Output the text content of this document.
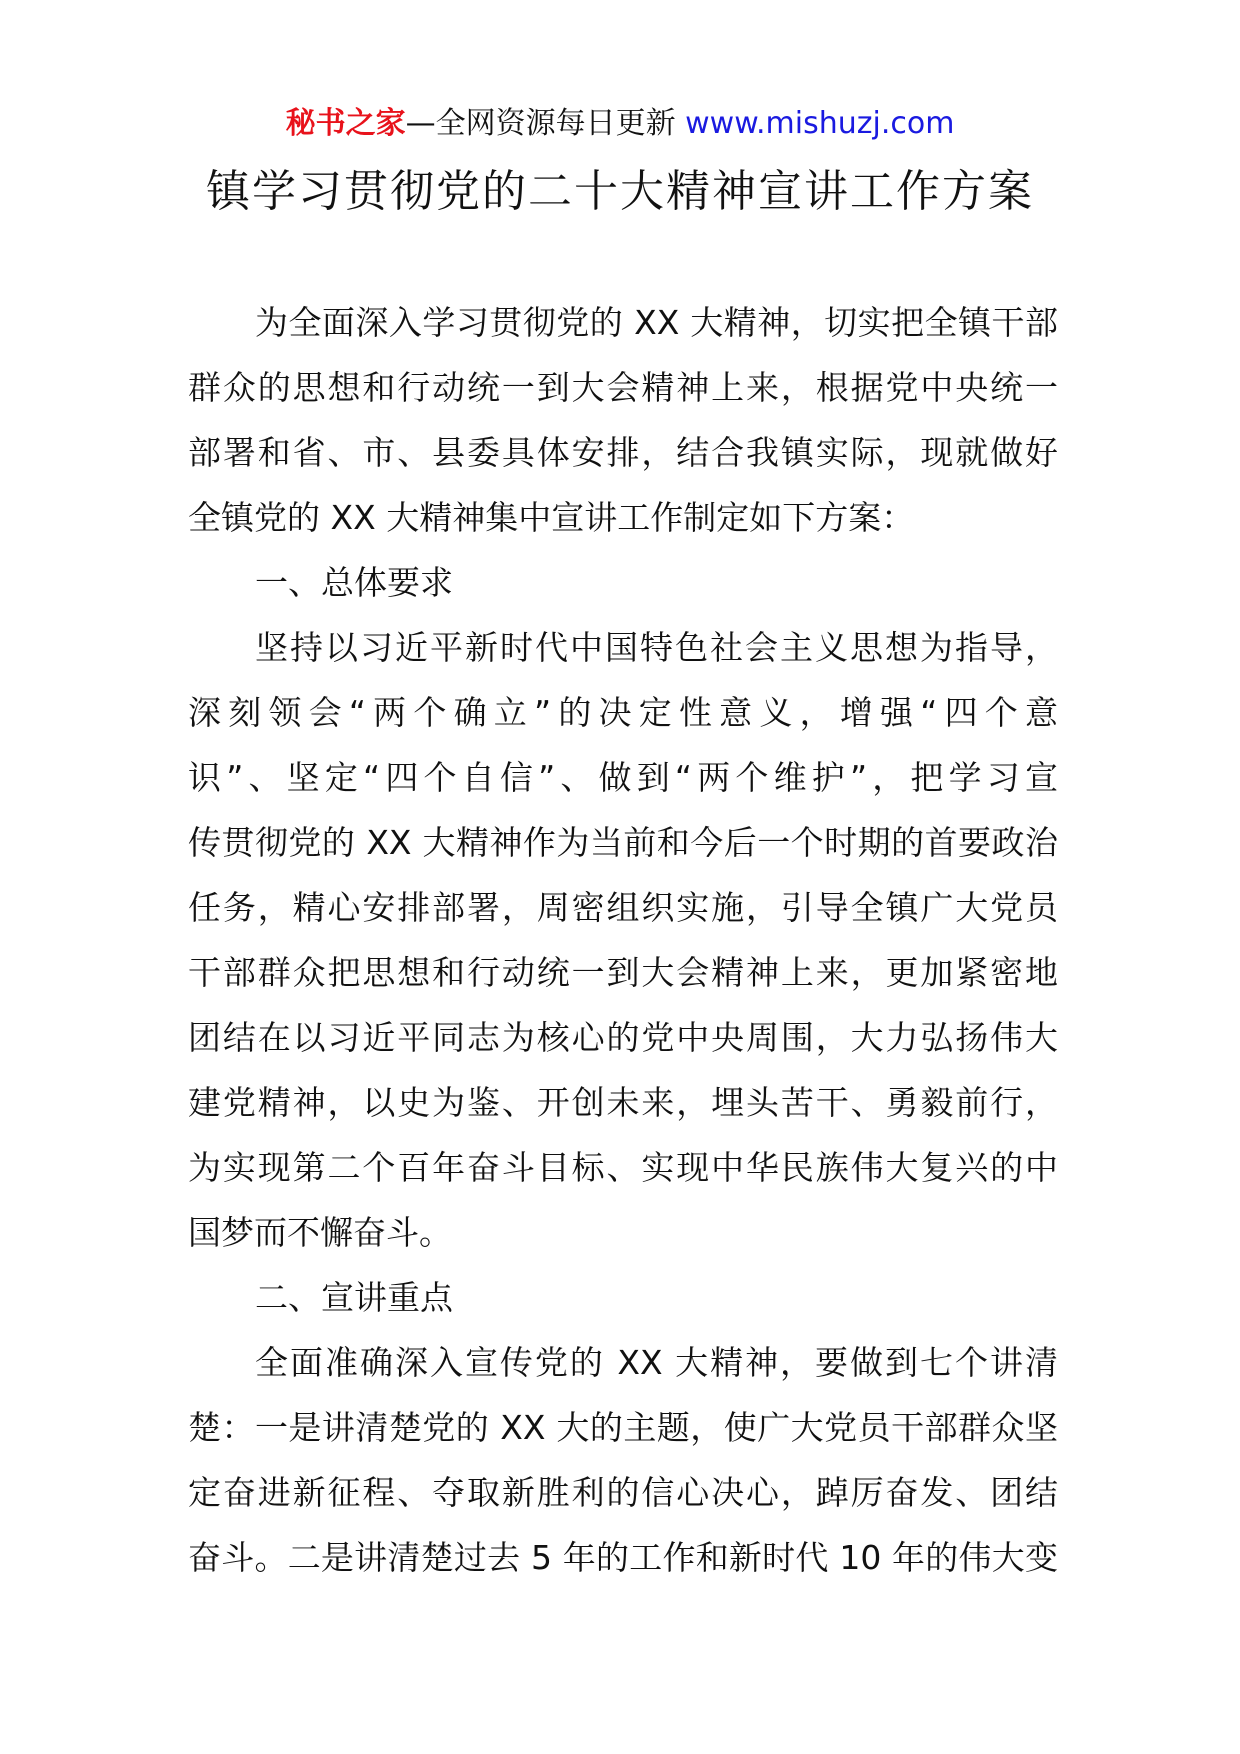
秘书之家—全网资源每日更新 www.mishuzj.com
镇学习贯彻党的二十大精神宣讲工作方案
为全面深入学习贯彻党的 XX 大精神，切实把全镇干部
群众的思想和行动统一到大会精神上来，根据党中央统一
部署和省、市、县委具体安排，结合我镇实际，现就做好
全镇党的 XX 大精神集中宣讲工作制定如下方案：
一、总体要求
坚持以习近平新时代中国特色社会主义思想为指导，
深刻领会“两个确立”的决定性意义，增强“四个意
识”、坚定“四个自信”、做到“两个维护”，把学习宣
传贯彻党的 XX 大精神作为当前和今后一个时期的首要政治
任务，精心安排部署，周密组织实施，引导全镇广大党员
干部群众把思想和行动统一到大会精神上来，更加紧密地
团结在以习近平同志为核心的党中央周围，大力弘扬伟大
建党精神，以史为鉴、开创未来，埋头苦干、勇毅前行，
为实现第二个百年奋斗目标、实现中华民族伟大复兴的中
国梦而不懈奋斗。
二、宣讲重点
全面准确深入宣传党的 XX 大精神，要做到七个讲清
楚：一是讲清楚党的 XX 大的主题，使广大党员干部群众坚
定奋进新征程、夺取新胜利的信心决心，踔厉奋发、团结
奋斗。二是讲清楚过去 5 年的工作和新时代 10 年的伟大变
